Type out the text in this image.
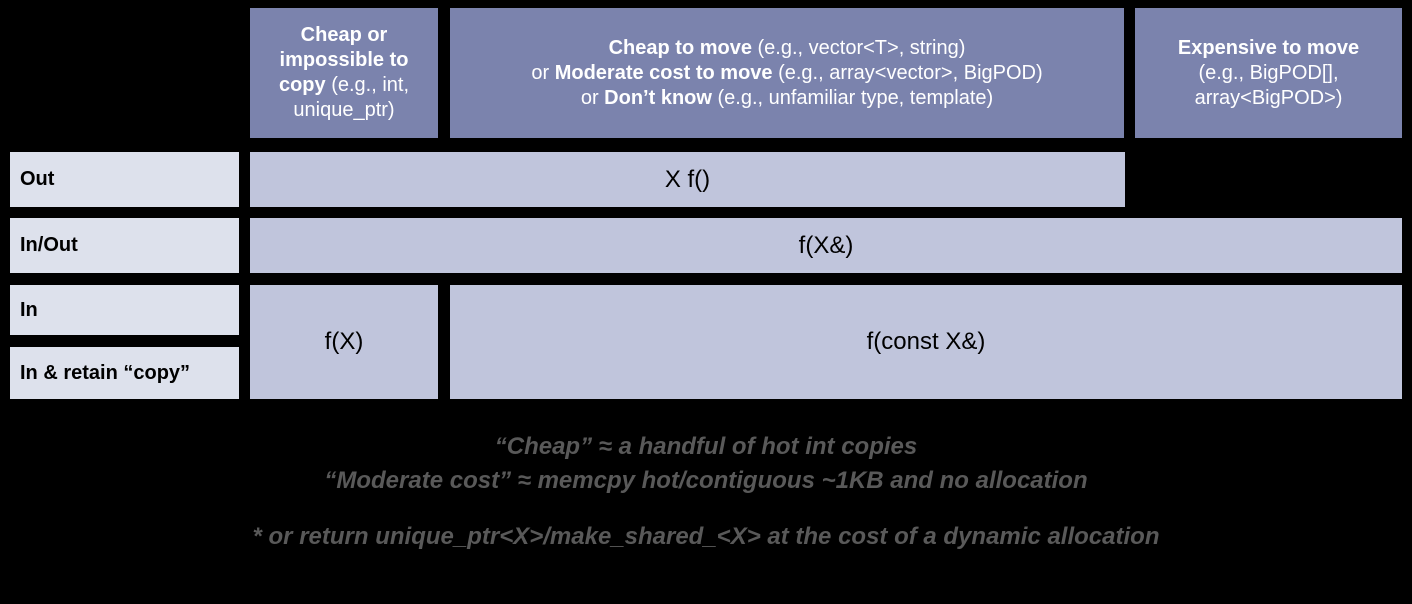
Cheap or
impossible to
copy (e.g., int,
unique_ptr)
Cheap to move (e.g., vector<T>, string)
or Moderate cost to move (e.g., array<vector>, BigPOD)
or Don’t know (e.g., unfamiliar type, template)
Expensive to move
(e.g., BigPOD[],
array<BigPOD>)
Out
In/Out
In
In & retain “copy”
X f()
f(X&)
f(X)	f(const X&)
“Cheap” ≈ a handful of hot int copies
“Moderate cost” ≈ memcpy hot/contiguous ~1KB and no allocation
* or return unique_ptr<X>/make_shared_<X> at the cost of a dynamic allocation
